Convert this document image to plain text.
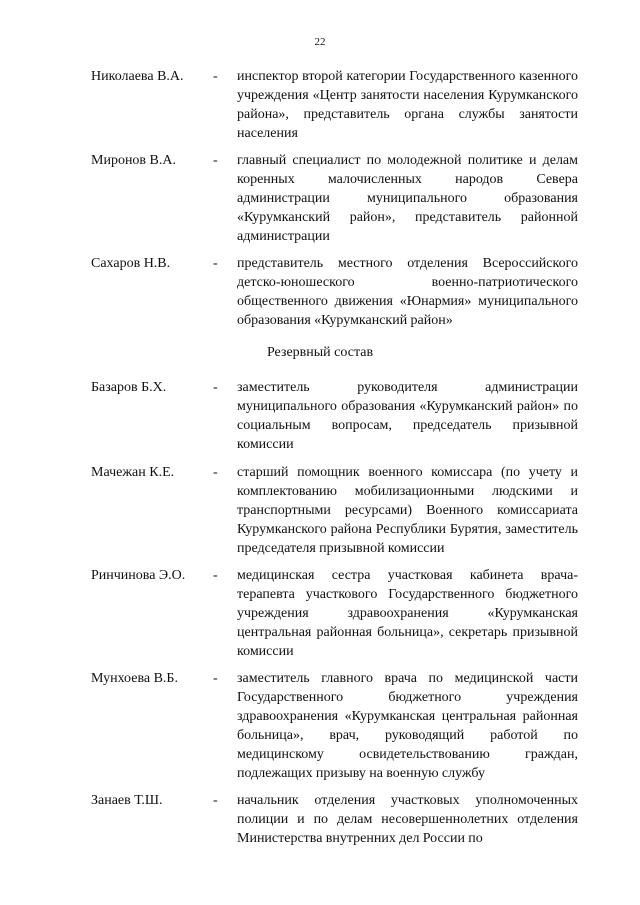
22
Николаева В.А. - инспектор второй категории Государственного казенного учреждения «Центр занятости населения Курумканского района», представитель органа службы занятости населения
Миронов В.А.	- главный специалист по молодежной политике и делам коренных малочисленных народов Севера администрации муниципального образования «Курумканский район», представитель районной администрации
Сахаров Н.В.	- представитель местного отделения Всероссийского детско-юношеского военно-патриотического общественного движения «Юнармия» муниципального образования «Курумканский район»
Резервный состав
Базаров Б.Х.	- заместитель руководителя администрации муниципального образования «Курумканский район» по социальным вопросам, председатель призывной комиссии
Мачежан К.Е.	- старший помощник военного комиссара (по учету и комплектованию мобилизационными людскими и транспортными ресурсами) Военного комиссариата Курумканского района Республики Бурятия, заместитель председателя призывной комиссии
Ринчинова Э.О. - медицинская сестра участковая кабинета врача-терапевта участкового Государственного бюджетного учреждения здравоохранения «Курумканская центральная районная больница», секретарь призывной комиссии
Мунхоева В.Б.	- заместитель главного врача по медицинской части Государственного бюджетного учреждения здравоохранения «Курумканская центральная районная больница», врач, руководящий работой по медицинскому освидетельствованию граждан, подлежащих призыву на военную службу
Занаев Т.Ш.	- начальник отделения участковых уполномоченных полиции и по делам несовершеннолетних отделения Министерства внутренних дел России по
